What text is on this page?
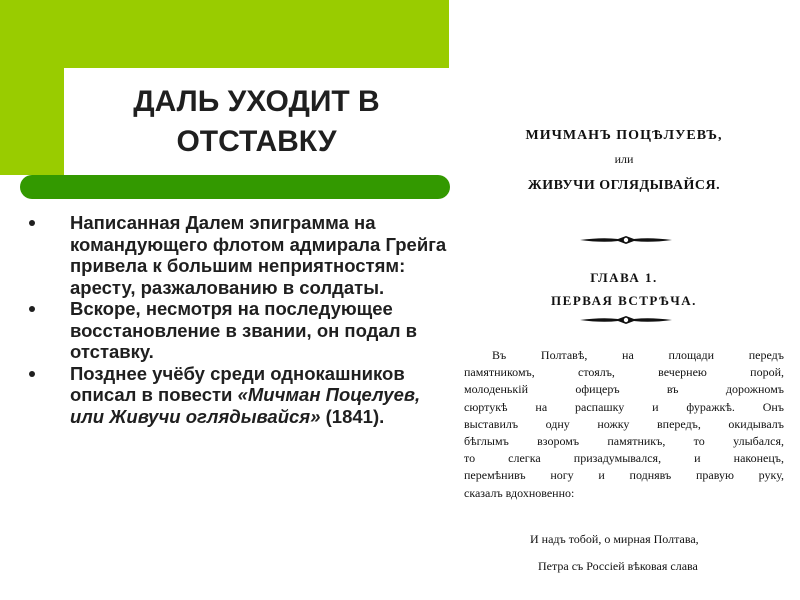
ДАЛЬ УХОДИТ В ОТСТАВКУ
Написанная Далем эпиграмма на командующего флотом адмирала Грейга привела к большим неприятностям: аресту, разжалованию в солдаты.
Вскоре, несмотря на последующее восстановление в звании, он подал в отставку.
Позднее учёбу среди однокашников описал в повести «Мичман Поцелуев, или Живучи оглядывайся» (1841).
МИЧМАНЪ ПОЦѢЛУЕВЪ,
или
ЖИВУЧИ ОГЛЯДЫВАЙСЯ.
ГЛАВА 1.
ПЕРВАЯ ВСТРѢЧА.
Въ Полтавѣ, на площади передъ
памятникомъ, стоялъ, вечернею порой,
молоденькій офицеръ въ дорожномъ
сюртукѣ на распашку и фуражкѣ. Онъ
выставилъ одну ножку впередъ, окидывалъ
бѣглымъ взоромъ памятникъ, то улыбался,
то слегка призадумывался, и наконецъ,
перемѣнивъ ногу и поднявъ правую руку,
сказалъ вдохновенно:
И надъ тобой, о мирная Полтава,
Петра съ Россіей вѣковая слава
